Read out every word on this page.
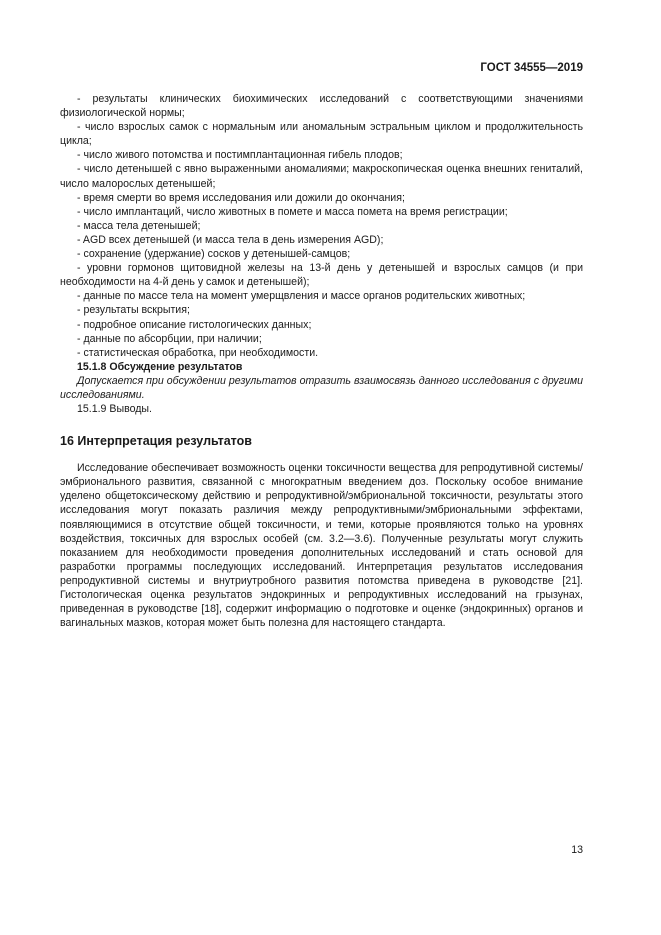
ГОСТ 34555—2019

- результаты клинических биохимических исследований с соответствующими значениями физиологической нормы;

- число взрослых самок с нормальным или аномальным эстральным циклом и продолжительность цикла;

- число живого потомства и постимплантационная гибель плодов;

- число детенышей с явно выраженными аномалиями; макроскопическая оценка внешних гениталий, число малорослых детенышей;

- время смерти во время исследования или дожили до окончания;

- число имплантаций, число животных в помете и масса помета на время регистрации;

- масса тела детенышей;

- AGD всех детенышей (и масса тела в день измерения AGD);

- сохранение (удержание) сосков у детенышей-самцов;

- уровни гормонов щитовидной железы на 13-й день у детенышей и взрослых самцов (и при необходимости на 4-й день у самок и детенышей);

- данные по массе тела на момент умерщвления и массе органов родительских животных;

- результаты вскрытия;

- подробное описание гистологических данных;

- данные по абсорбции, при наличии;

- статистическая обработка, при необходимости.

15.1.8 Обсуждение результатов

Допускается при обсуждении результатов отразить взаимосвязь данного исследования с другими исследованиями.

15.1.9 Выводы.

16 Интерпретация результатов

Исследование обеспечивает возможность оценки токсичности вещества для репродутивной системы/эмбрионального развития, связанной с многократным введением доз. Поскольку особое внимание уделено общетоксическому действию и репродуктивной/эмбриональной токсичности, результаты этого исследования могут показать различия между репродуктивными/эмбриональными эффектами, появляющимися в отсутствие общей токсичности, и теми, которые проявляются только на уровнях воздействия, токсичных для взрослых особей (см. 3.2—3.6). Полученные результаты могут служить показанием для необходимости проведения дополнительных исследований и стать основой для разработки программы последующих исследований. Интерпретация результатов исследования репродуктивной системы и внутриутробного развития потомства приведена в руководстве [21]. Гистологическая оценка результатов эндокринных и репродуктивных исследований на грызунах, приведенная в руководстве [18], содержит информацию о подготовке и оценке (эндокринных) органов и вагинальных мазков, которая может быть полезна для настоящего стандарта.

13
